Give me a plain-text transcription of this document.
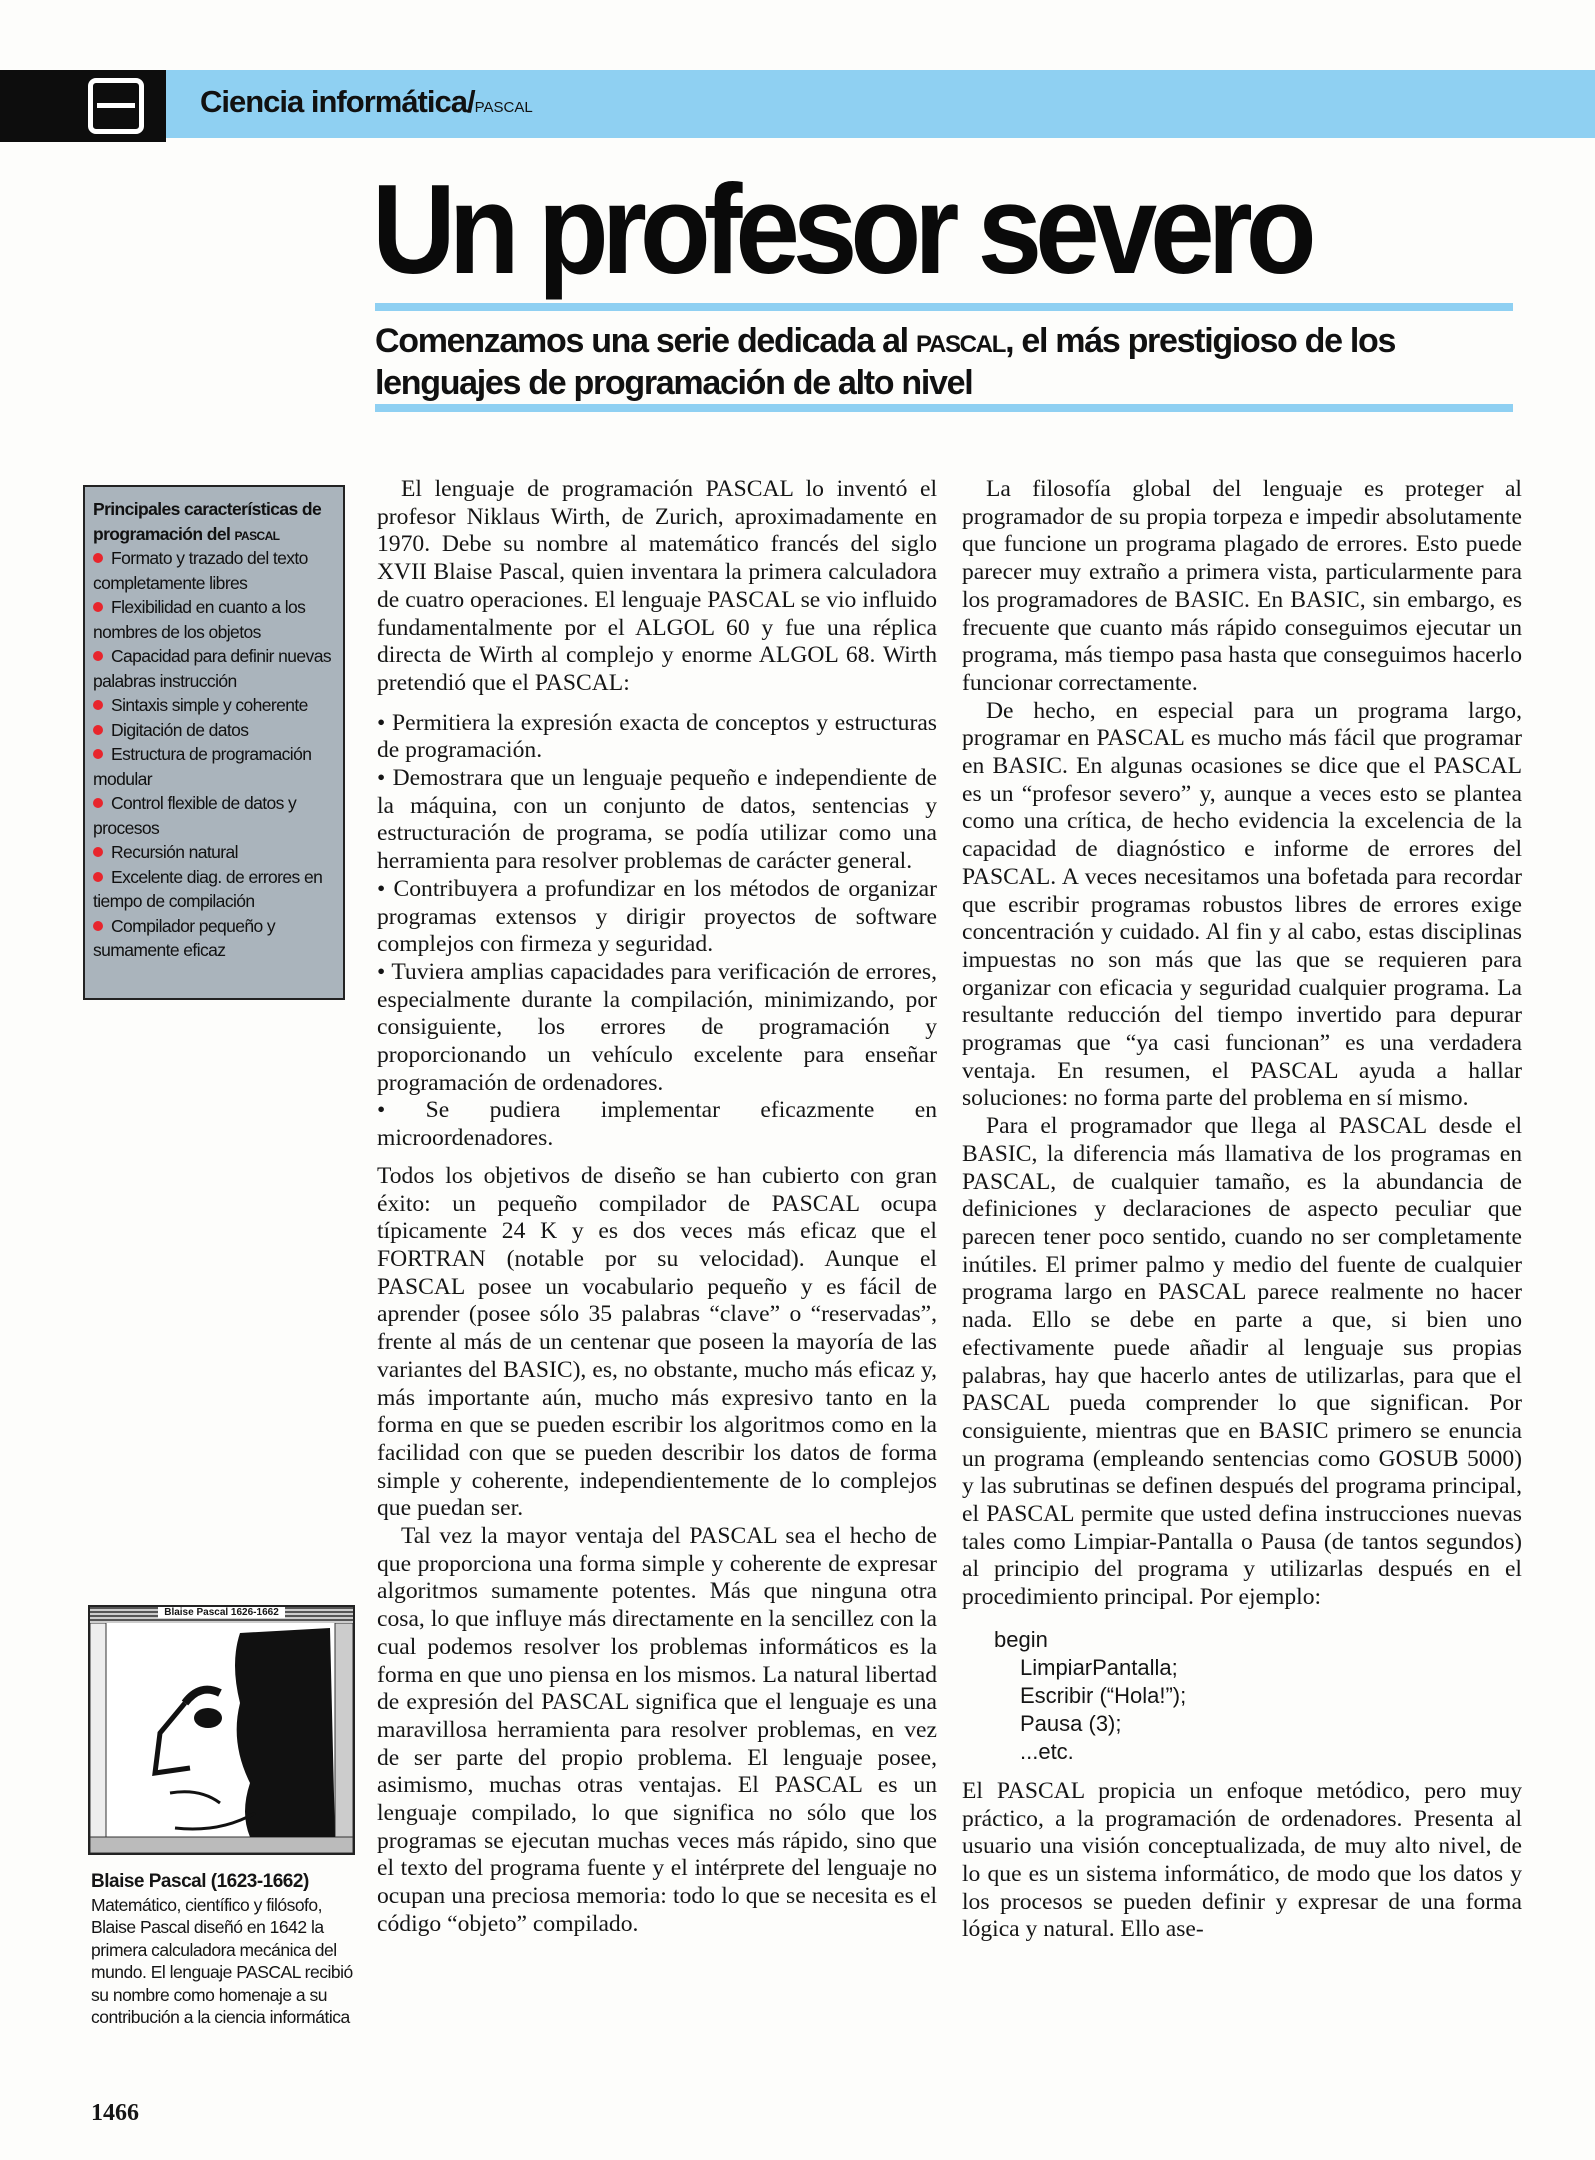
Ciencia informática/pascal
Un profesor severo
Comenzamos una serie dedicada al pascal, el más prestigioso de los lenguajes de programación de alto nivel
Principales características de programación del pascal
Formato y trazado del texto completamente libres
Flexibilidad en cuanto a los nombres de los objetos
Capacidad para definir nuevas palabras instrucción
Sintaxis simple y coherente
Digitación de datos
Estructura de programación modular
Control flexible de datos y procesos
Recursión natural
Excelente diag. de errores en tiempo de compilación
Compilador pequeño y sumamente eficaz
Blaise Pascal 1626-1662
Blaise Pascal (1623-1662)
Matemático, científico y filósofo, Blaise Pascal diseñó en 1642 la primera calculadora mecánica del mundo. El lenguaje PASCAL recibió su nombre como homenaje a su contribución a la ciencia informática
1466

El lenguaje de programación PASCAL lo inventó el profesor Niklaus Wirth, de Zurich, aproximadamente en 1970. Debe su nombre al matemático francés del siglo XVII Blaise Pascal, quien inventara la primera calculadora de cuatro operaciones. El lenguaje PASCAL se vio influido fundamentalmente por el ALGOL 60 y fue una réplica directa de Wirth al complejo y enorme ALGOL 68. Wirth pretendió que el PASCAL:

• Permitiera la expresión exacta de conceptos y estructuras de programación.

• Demostrara que un lenguaje pequeño e independiente de la máquina, con un conjunto de datos, sentencias y estructuración de programa, se podía utilizar como una herramienta para resolver problemas de carácter general.

• Contribuyera a profundizar en los métodos de organizar programas extensos y dirigir proyectos de software complejos con firmeza y seguridad.

• Tuviera amplias capacidades para verificación de errores, especialmente durante la compilación, minimizando, por consiguiente, los errores de programación y proporcionando un vehículo excelente para enseñar programación de ordenadores.

• Se pudiera implementar eficazmente en microordenadores.

Todos los objetivos de diseño se han cubierto con gran éxito: un pequeño compilador de PASCAL ocupa típicamente 24 K y es dos veces más eficaz que el FORTRAN (notable por su velocidad). Aunque el PASCAL posee un vocabulario pequeño y es fácil de aprender (posee sólo 35 palabras “clave” o “reservadas”, frente al más de un centenar que poseen la mayoría de las variantes del BASIC), es, no obstante, mucho más eficaz y, más importante aún, mucho más expresivo tanto en la forma en que se pueden escribir los algoritmos como en la facilidad con que se pueden describir los datos de forma simple y coherente, independientemente de lo complejos que puedan ser.

Tal vez la mayor ventaja del PASCAL sea el hecho de que proporciona una forma simple y coherente de expresar algoritmos sumamente potentes. Más que ninguna otra cosa, lo que influye más directamente en la sencillez con la cual podemos resolver los problemas informáticos es la forma en que uno piensa en los mismos. La natural libertad de expresión del PASCAL significa que el lenguaje es una maravillosa herramienta para resolver problemas, en vez de ser parte del propio problema. El lenguaje posee, asimismo, muchas otras ventajas. El PASCAL es un lenguaje compilado, lo que significa no sólo que los programas se ejecutan muchas veces más rápido, sino que el texto del programa fuente y el intérprete del lenguaje no ocupan una preciosa memoria: todo lo que se necesita es el código “objeto” compilado.

La filosofía global del lenguaje es proteger al programador de su propia torpeza e impedir absolutamente que funcione un programa plagado de errores. Esto puede parecer muy extraño a primera vista, particularmente para los programadores de BASIC. En BASIC, sin embargo, es frecuente que cuanto más rápido conseguimos ejecutar un programa, más tiempo pasa hasta que conseguimos hacerlo funcionar correctamente.

De hecho, en especial para un programa largo, programar en PASCAL es mucho más fácil que programar en BASIC. En algunas ocasiones se dice que el PASCAL es un “profesor severo” y, aunque a veces esto se plantea como una crítica, de hecho evidencia la excelencia de la capacidad de diagnóstico e informe de errores del PASCAL. A veces necesitamos una bofetada para recordar que escribir programas robustos libres de errores exige concentración y cuidado. Al fin y al cabo, estas disciplinas impuestas no son más que las que se requieren para organizar con eficacia y seguridad cualquier programa. La resultante reducción del tiempo invertido para depurar programas que “ya casi funcionan” es una verdadera ventaja. En resumen, el PASCAL ayuda a hallar soluciones: no forma parte del problema en sí mismo.

Para el programador que llega al PASCAL desde el BASIC, la diferencia más llamativa de los programas en PASCAL, de cualquier tamaño, es la abundancia de definiciones y declaraciones de aspecto peculiar que parecen tener poco sentido, cuando no ser completamente inútiles. El primer palmo y medio del fuente de cualquier programa largo en PASCAL parece realmente no hacer nada. Ello se debe en parte a que, si bien uno efectivamente puede añadir al lenguaje sus propias palabras, hay que hacerlo antes de utilizarlas, para que el PASCAL pueda comprender lo que significan. Por consiguiente, mientras que en BASIC primero se enuncia un programa (empleando sentencias como GOSUB 5000) y las subrutinas se definen después del programa principal, el PASCAL permite que usted defina instrucciones nuevas tales como Limpiar-Pantalla o Pausa (de tantos segundos) al principio del programa y utilizarlas después en el procedimiento principal. Por ejemplo:

begin
LimpiarPantalla;
Escribir (“Hola!”);
Pausa (3);
...etc.

El PASCAL propicia un enfoque metódico, pero muy práctico, a la programación de ordenadores. Presenta al usuario una visión conceptualizada, de muy alto nivel, de lo que es un sistema informático, de modo que los datos y los procesos se pueden definir y expresar de una forma lógica y natural. Ello ase-
